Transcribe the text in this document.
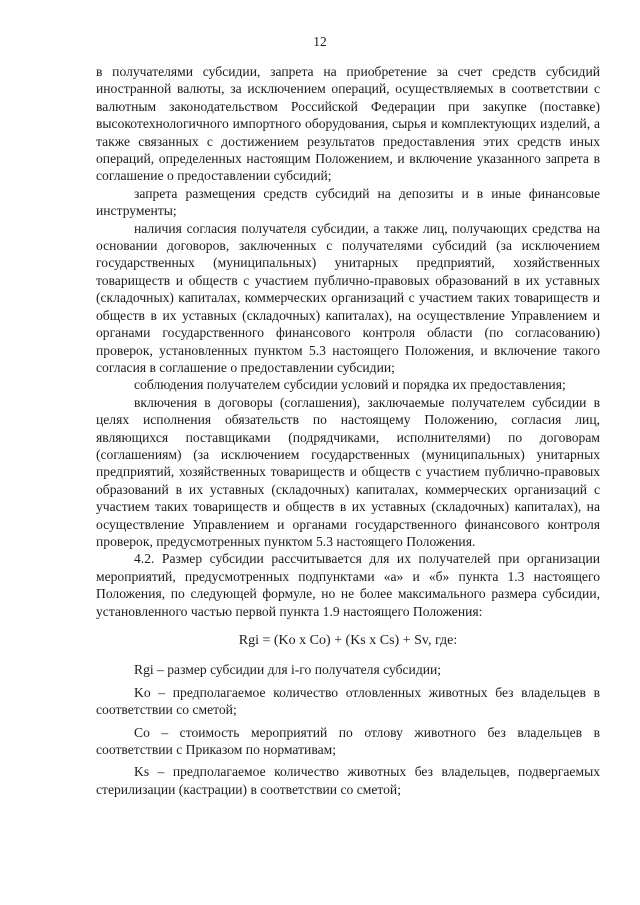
12

в получателями субсидии, запрета на приобретение за счет средств субсидий иностранной валюты, за исключением операций, осуществляемых в соответствии с валютным законодательством Российской Федерации при закупке (поставке) высокотехнологичного импортного оборудования, сырья и комплектующих изделий, а также связанных с достижением результатов предоставления этих средств иных операций, определенных настоящим Положением, и включение указанного запрета в соглашение о предоставлении субсидий;

запрета размещения средств субсидий на депозиты и в иные финансовые инструменты;

наличия согласия получателя субсидии, а также лиц, получающих средства на основании договоров, заключенных с получателями субсидий (за исключением государственных (муниципальных) унитарных предприятий, хозяйственных товариществ и обществ с участием публично-правовых образований в их уставных (складочных) капиталах, коммерческих организаций с участием таких товариществ и обществ в их уставных (складочных) капиталах), на осуществление Управлением и органами государственного финансового контроля области (по согласованию) проверок, установленных пунктом 5.3 настоящего Положения, и включение такого согласия в соглашение о предоставлении субсидии;

соблюдения получателем субсидии условий и порядка их предоставления;

включения в договоры (соглашения), заключаемые получателем субсидии в целях исполнения обязательств по настоящему Положению, согласия лиц, являющихся поставщиками (подрядчиками, исполнителями) по договорам (соглашениям) (за исключением государственных (муниципальных) унитарных предприятий, хозяйственных товариществ и обществ с участием публично-правовых образований в их уставных (складочных) капиталах, коммерческих организаций с участием таких товариществ и обществ в их уставных (складочных) капиталах), на осуществление Управлением и органами государственного финансового контроля проверок, предусмотренных пунктом 5.3 настоящего Положения.

4.2. Размер субсидии рассчитывается для их получателей при организации мероприятий, предусмотренных подпунктами «а» и «б» пункта 1.3 настоящего Положения, по следующей формуле, но не более максимального размера субсидии, установленного частью первой пункта 1.9 настоящего Положения:

Rgi = (Ko x Co) + (Ks x Cs) + Sv, где:

Rgi – размер субсидии для i-го получателя субсидии;

Ko – предполагаемое количество отловленных животных без владельцев в соответствии со сметой;

Co – стоимость мероприятий по отлову животного без владельцев в соответствии с Приказом по нормативам;

Ks – предполагаемое количество животных без владельцев, подвергаемых стерилизации (кастрации) в соответствии со сметой;
